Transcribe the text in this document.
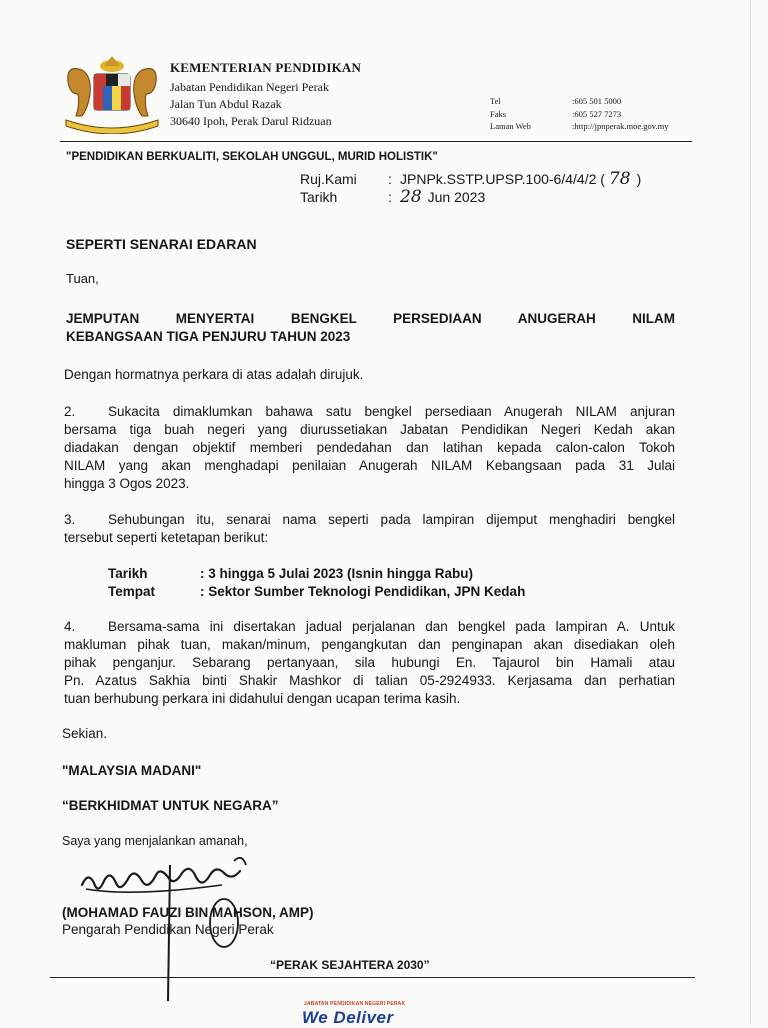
KEMENTERIAN PENDIDIKAN
Jabatan Pendidikan Negeri Perak
Jalan Tun Abdul Razak
30640 Ipoh, Perak Darul Ridzuan
Tel	:605 501 5000
Faks	:605 527 7273
Laman Web	:http://jpnperak.moe.gov.my
"PENDIDIKAN BERKUALITI, SEKOLAH UNGGUL, MURID HOLISTIK"
Ruj.Kami	: JPNPk.SSTP.UPSP.100-6/4/4/2 ( 78 )
Tarikh	: 28 Jun 2023
SEPERTI SENARAI EDARAN
Tuan,
JEMPUTAN MENYERTAI BENGKEL PERSEDIAAN ANUGERAH NILAM
KEBANGSAAN TIGA PENJURU TAHUN 2023
Dengan hormatnya perkara di atas adalah dirujuk.
2. Sukacita dimaklumkan bahawa satu bengkel persediaan Anugerah NILAM anjuran
bersama tiga buah negeri yang diurussetiakan Jabatan Pendidikan Negeri Kedah akan
diadakan dengan objektif memberi pendedahan dan latihan kepada calon-calon Tokoh
NILAM yang akan menghadapi penilaian Anugerah NILAM Kebangsaan pada 31 Julai
hingga 3 Ogos 2023.
3. Sehubungan itu, senarai nama seperti pada lampiran dijemput menghadiri bengkel
tersebut seperti ketetapan berikut:
Tarikh	: 3 hingga 5 Julai 2023 (Isnin hingga Rabu)
Tempat	: Sektor Sumber Teknologi Pendidikan, JPN Kedah
4. Bersama-sama ini disertakan jadual perjalanan dan bengkel pada lampiran A. Untuk
makluman pihak tuan, makan/minum, pengangkutan dan penginapan akan disediakan oleh
pihak penganjur. Sebarang pertanyaan, sila hubungi En. Tajaurol bin Hamali atau
Pn. Azatus Sakhia binti Shakir Mashkor di talian 05-2924933. Kerjasama dan perhatian
tuan berhubung perkara ini didahului dengan ucapan terima kasih.
Sekian.
"MALAYSIA MADANI"
“BERKHIDMAT UNTUK NEGARA”
Saya yang menjalankan amanah,
(MOHAMAD FAUZI BIN MAHSON, AMP)
Pengarah Pendidikan Negeri Perak
“PERAK SEJAHTERA 2030”
JABATAN PENDIDIKAN NEGERI PERAK
We Deliver
